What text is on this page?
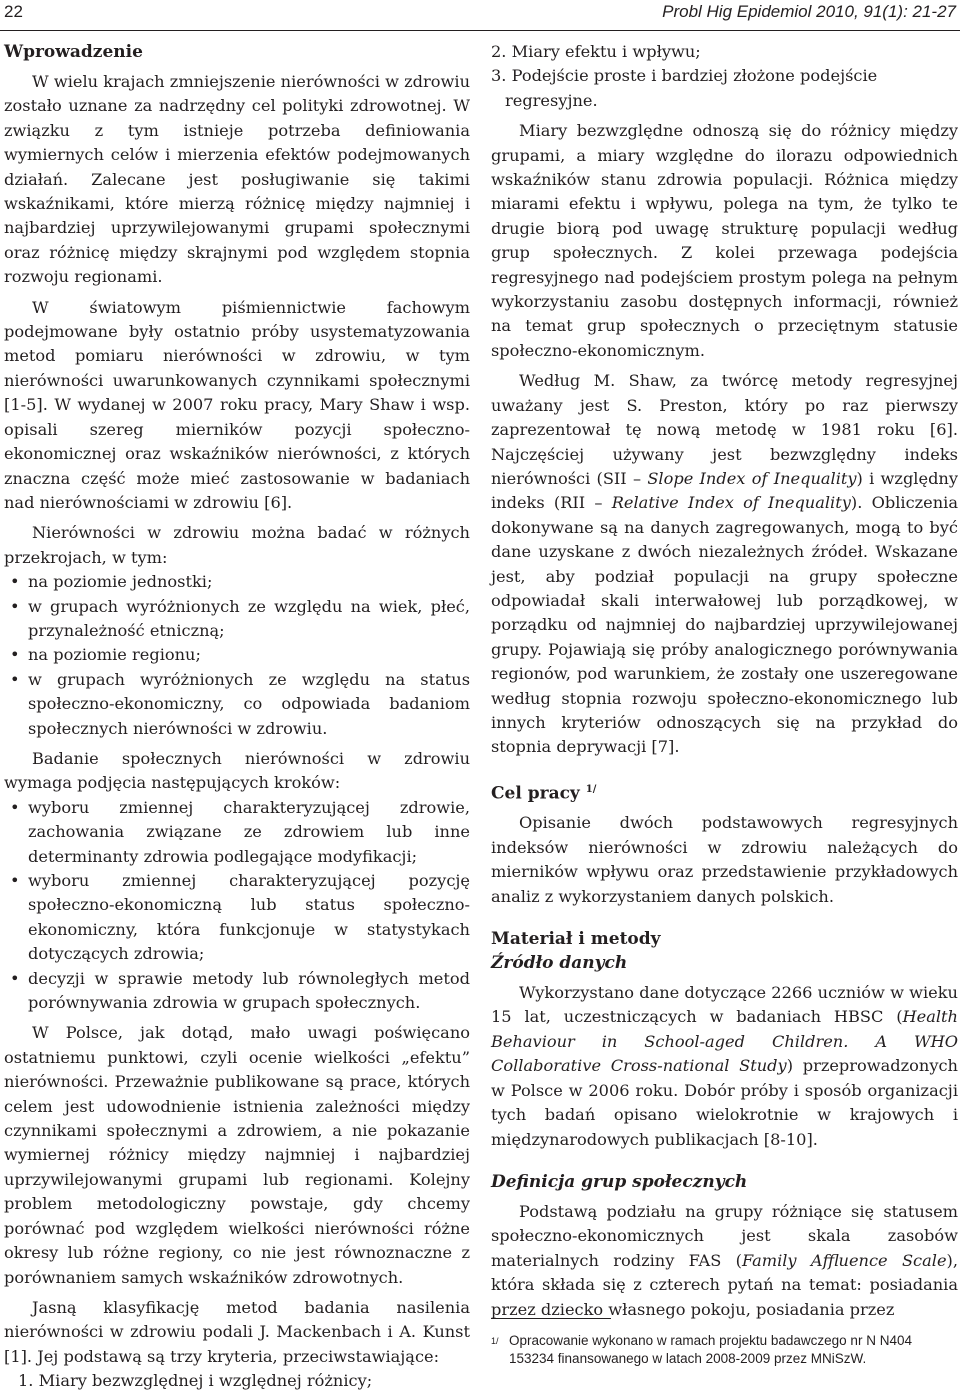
22	Probl Hig Epidemiol 2010, 91(1): 21-27
Wprowadzenie

W wielu krajach zmniejszenie nierówności w zdrowiu zostało uznane za nadrzędny cel polityki zdrowotnej. W związku z tym istnieje potrzeba definiowania wymiernych celów i mierzenia efektów podejmowanych działań. Zalecane jest posługiwanie się takimi wskaźnikami, które mierzą różnicę między najmniej i najbardziej uprzywilejowanymi grupami społecznymi oraz różnicę między skrajnymi pod względem stopnia rozwoju regionami.

W światowym piśmiennictwie fachowym podejmowane były ostatnio próby usystematyzowania metod pomiaru nierówności w zdrowiu, w tym nierówności uwarunkowanych czynnikami społecznymi [1-5]. W wydanej w 2007 roku pracy, Mary Shaw i wsp. opisali szereg mierników pozycji społeczno-ekonomicznej oraz wskaźników nierówności, z których znaczna część może mieć zastosowanie w badaniach nad nierównościami w zdrowiu [6].

Nierówności w zdrowiu można badać w różnych przekrojach, w tym:

• na poziomie jednostki;
• w grupach wyróżnionych ze względu na wiek, płeć, przynależność etniczną;
• na poziomie regionu;
• w grupach wyróżnionych ze względu na status społeczno-ekonomiczny, co odpowiada badaniom społecznych nierówności w zdrowiu.

Badanie społecznych nierówności w zdrowiu wymaga podjęcia następujących kroków:

• wyboru zmiennej charakteryzującej zdrowie, zachowania związane ze zdrowiem lub inne determinanty zdrowia podlegające modyfikacji;
• wyboru zmiennej charakteryzującej pozycję społeczno-ekonomiczną lub status społeczno-ekonomiczny, która funkcjonuje w statystykach dotyczących zdrowia;
• decyzji w sprawie metody lub równoległych metod porównywania zdrowia w grupach społecznych.

W Polsce, jak dotąd, mało uwagi poświęcano ostatniemu punktowi, czyli ocenie wielkości „efektu” nierówności. Przeważnie publikowane są prace, których celem jest udowodnienie istnienia zależności między czynnikami społecznymi a zdrowiem, a nie pokazanie wymiernej różnicy między najmniej i najbardziej uprzywilejowanymi grupami lub regionami. Kolejny problem metodologiczny powstaje, gdy chcemy porównać pod względem wielkości nierówności różne okresy lub różne regiony, co nie jest równoznaczne z porównaniem samych wskaźników zdrowotnych.

Jasną klasyfikację metod badania nasilenia nierówności w zdrowiu podali J. Mackenbach i A. Kunst [1]. Jej podstawą są trzy kryteria, przeciwstawiające:

1. Miary bezwzględnej i względnej różnicy;
2. Miary efektu i wpływu;
3. Podejście proste i bardziej złożone podejście regresyjne.

Miary bezwzględne odnoszą się do różnicy między grupami, a miary względne do ilorazu odpowiednich wskaźników stanu zdrowia populacji. Różnica między miarami efektu i wpływu, polega na tym, że tylko te drugie biorą pod uwagę strukturę populacji według grup społecznych. Z kolei przewaga podejścia regresyjnego nad podejściem prostym polega na pełnym wykorzystaniu zasobu dostępnych informacji, również na temat grup społecznych o przeciętnym statusie społeczno-ekonomicznym.

Według M. Shaw, za twórcę metody regresyjnej uważany jest S. Preston, który po raz pierwszy zaprezentował tę nową metodę w 1981 roku [6]. Najczęściej używany jest bezwzględny indeks nierówności (SII – Slope Index of Inequality) i względny indeks (RII – Relative Index of Inequality). Obliczenia dokonywane są na danych zagregowanych, mogą to być dane uzyskane z dwóch niezależnych źródeł. Wskazane jest, aby podział populacji na grupy społeczne odpowiadał skali interwałowej lub porządkowej, w porządku od najmniej do najbardziej uprzywilejowanej grupy. Pojawiają się próby analogicznego porównywania regionów, pod warunkiem, że zostały one uszeregowane według stopnia rozwoju społeczno-ekonomicznego lub innych kryteriów odnoszących się na przykład do stopnia deprywacji [7].

Cel pracy $^{1/}$

Opisanie dwóch podstawowych regresyjnych indeksów nierówności w zdrowiu należących do mierników wpływu oraz przedstawienie przykładowych analiz z wykorzystaniem danych polskich.

Materiał i metody
Źródło danych

Wykorzystano dane dotyczące 2266 uczniów w wieku 15 lat, uczestniczących w badaniach HBSC (Health Behaviour in School-aged Children. A WHO Collaborative Cross-national Study) przeprowadzonych w Polsce w 2006 roku. Dobór próby i sposób organizacji tych badań opisano wielokrotnie w krajowych i międzynarodowych publikacjach [8-10].

Definicja grup społecznych

Podstawą podziału na grupy różniące się statusem społeczno-ekonomicznych jest skala zasobów materialnych rodziny FAS (Family Affluence Scale), która składa się z czterech pytań na temat: posiadania przez dziecko własnego pokoju, posiadania przez

1/ Opracowanie wykonano w ramach projektu badawczego nr N N404 153234 finansowanego w latach 2008-2009 przez MNiSzW.
